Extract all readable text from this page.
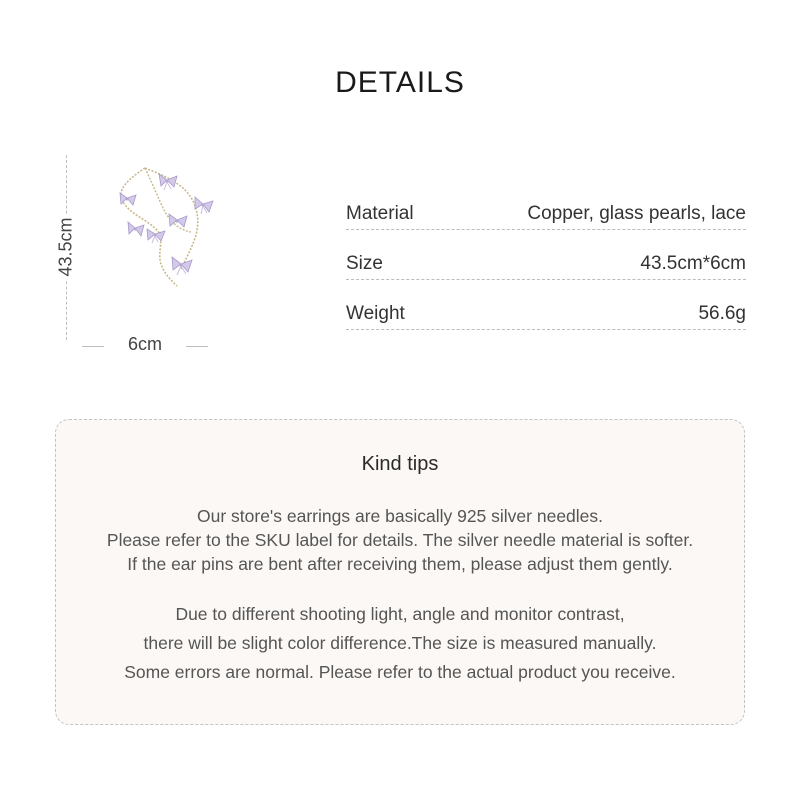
DETAILS
43.5cm
6cm
Material	Copper, glass pearls, lace
Size	43.5cm*6cm
Weight	56.6g
Kind tips
Our store's earrings are basically 925 silver needles.
Please refer to the SKU label for details. The silver needle material is softer.
If the ear pins are bent after receiving them, please adjust them gently.
Due to different shooting light, angle and monitor contrast,
there will be slight color difference.The size is measured manually.
Some errors are normal. Please refer to the actual product you receive.
